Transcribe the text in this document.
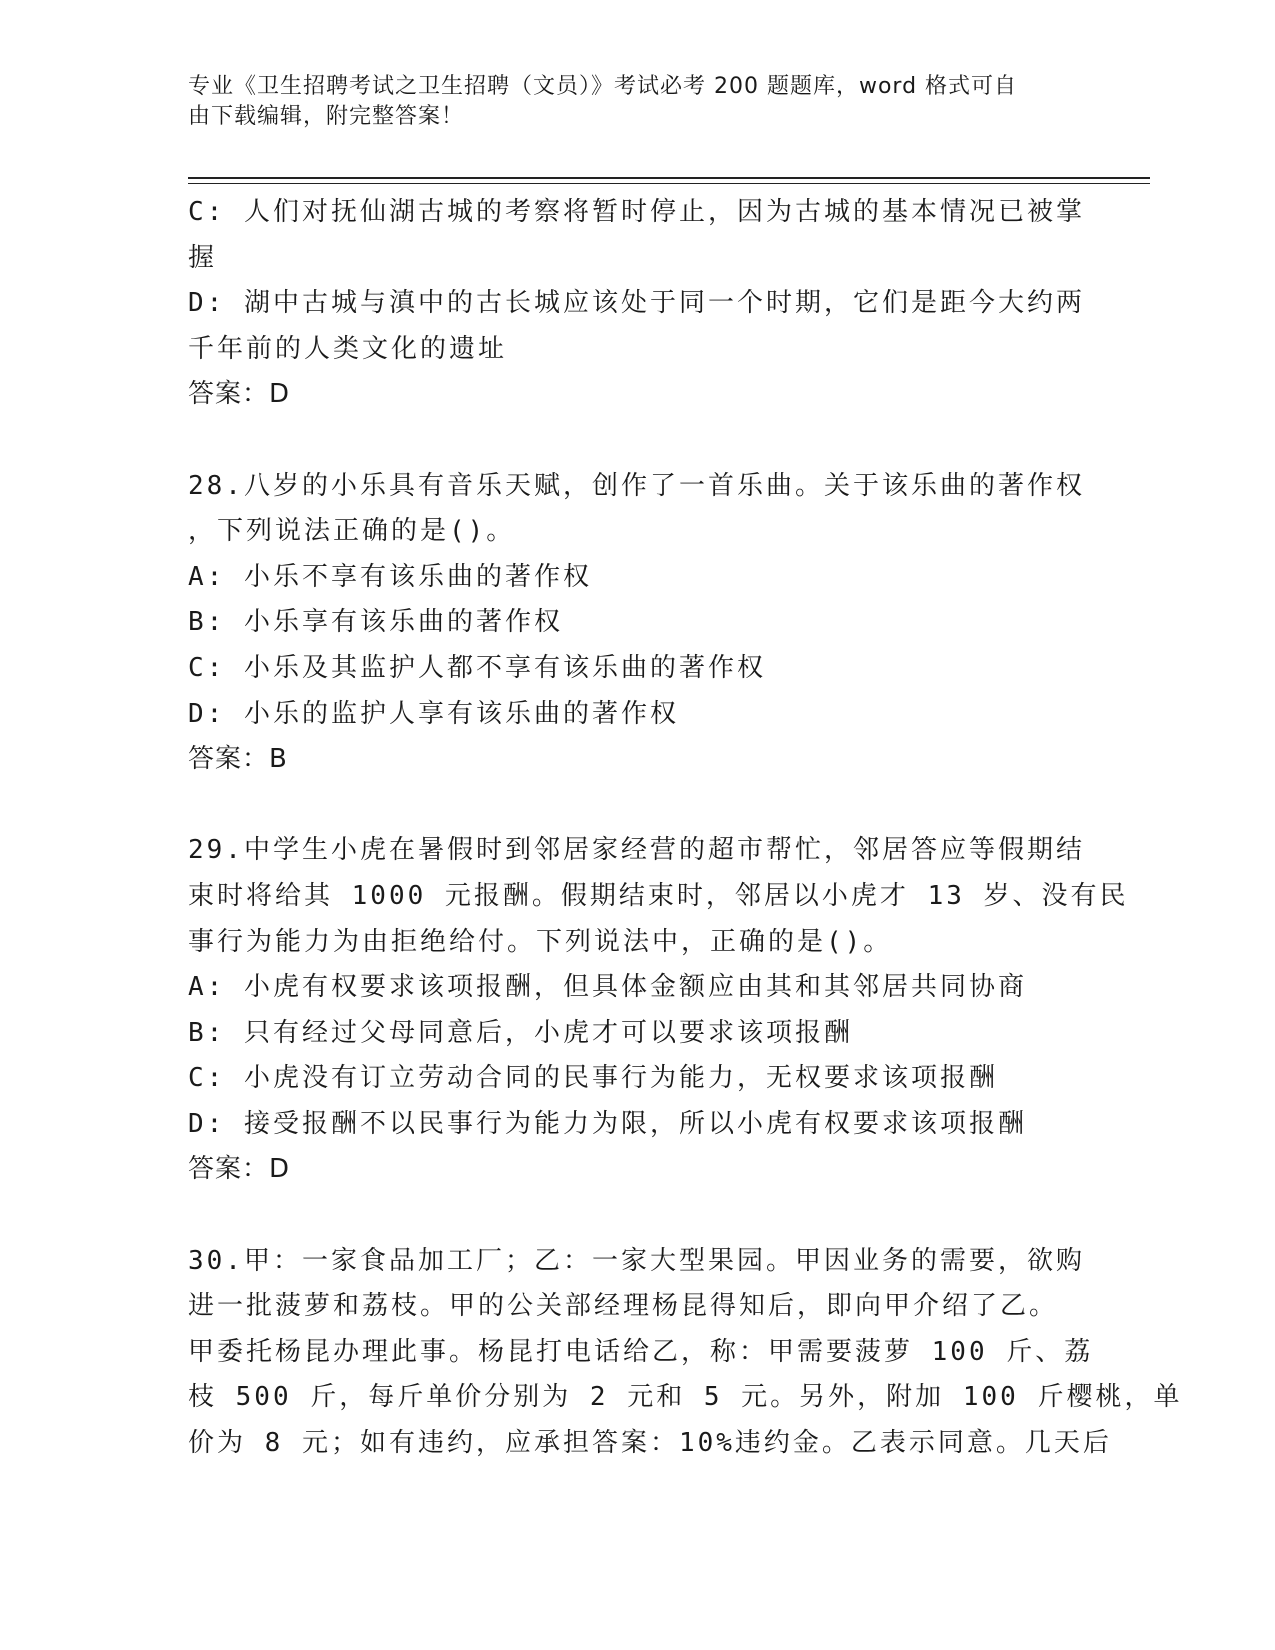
专业《卫生招聘考试之卫生招聘（文员）》考试必考 200 题题库，word 格式可自
由下载编辑，附完整答案！
C: 人们对抚仙湖古城的考察将暂时停止，因为古城的基本情况已被掌
握
D: 湖中古城与滇中的古长城应该处于同一个时期，它们是距今大约两
千年前的人类文化的遗址
答案：D
28.八岁的小乐具有音乐天赋，创作了一首乐曲。关于该乐曲的著作权
，下列说法正确的是()。
A: 小乐不享有该乐曲的著作权
B: 小乐享有该乐曲的著作权
C: 小乐及其监护人都不享有该乐曲的著作权
D: 小乐的监护人享有该乐曲的著作权
答案：B
29.中学生小虎在暑假时到邻居家经营的超市帮忙，邻居答应等假期结
束时将给其 1000 元报酬。假期结束时，邻居以小虎才 13 岁、没有民
事行为能力为由拒绝给付。下列说法中，正确的是()。
A: 小虎有权要求该项报酬，但具体金额应由其和其邻居共同协商
B: 只有经过父母同意后，小虎才可以要求该项报酬
C: 小虎没有订立劳动合同的民事行为能力，无权要求该项报酬
D: 接受报酬不以民事行为能力为限，所以小虎有权要求该项报酬
答案：D
30.甲：一家食品加工厂；乙：一家大型果园。甲因业务的需要，欲购
进一批菠萝和荔枝。甲的公关部经理杨昆得知后，即向甲介绍了乙。
甲委托杨昆办理此事。杨昆打电话给乙，称：甲需要菠萝 100 斤、荔
枝 500 斤，每斤单价分别为 2 元和 5 元。另外，附加 100 斤樱桃，单
价为 8 元；如有违约，应承担答案：10%违约金。乙表示同意。几天后
